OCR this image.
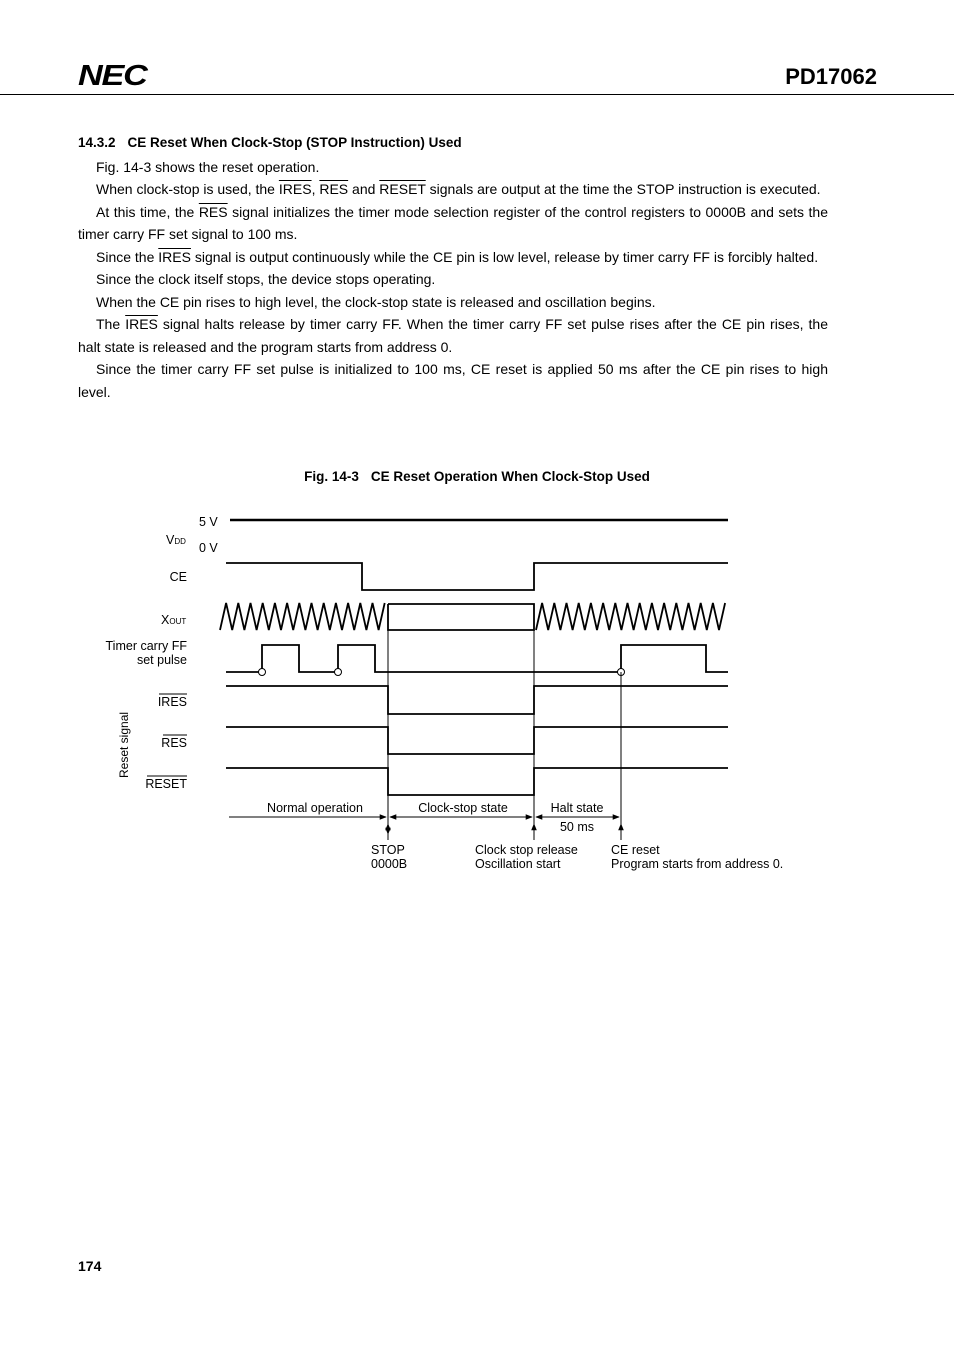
NEC	PD17062
14.3.2 CE Reset When Clock-Stop (STOP Instruction) Used

Fig. 14-3 shows the reset operation.

When clock-stop is used, the IRES, $\overline{RES}$ and RESET signals are output at the time the STOP instruction is executed.

At this time, the $\overline{RES}$ signal initializes the timer mode selection register of the control registers to 0000B and sets the timer carry FF set signal to 100 ms.

Since the IRES signal is output continuously while the CE pin is low level, release by timer carry FF is forcibly halted.

Since the clock itself stops, the device stops operating.

When the CE pin rises to high level, the clock-stop state is released and oscillation begins.

The IRES signal halts release by timer carry FF. When the timer carry FF set pulse rises after the CE pin rises, the halt state is released and the program starts from address 0.

Since the timer carry FF set pulse is initialized to 100 ms, CE reset is applied 50 ms after the CE pin rises to high level.

Fig. 14-3 CE Reset Operation When Clock-Stop Used
5 V
0 V
VDD
CE
XOUT
Timer carry FF
set pulse
Reset signal
IRES
RES
RESET
Normal operation	Clock-stop state	Halt state
50 ms
STOP
0000B
Clock stop release
Oscillation start
CE reset
Program starts from address 0.
174
